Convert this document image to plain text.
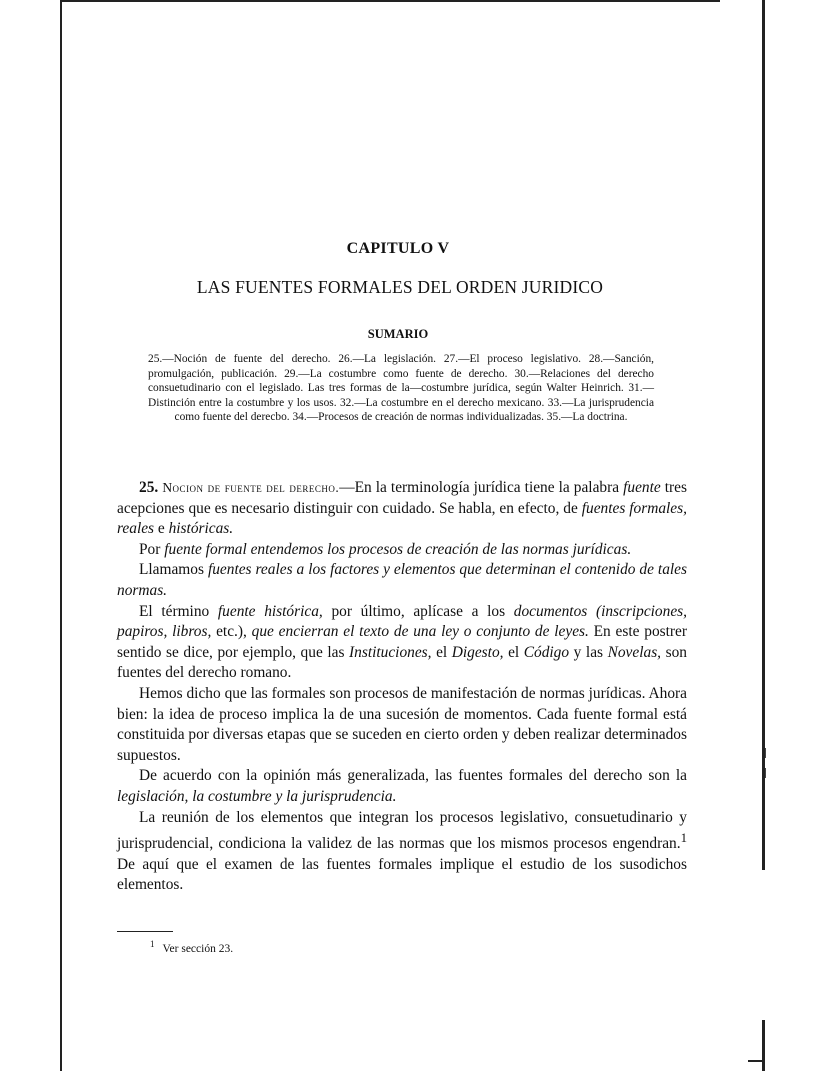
CAPITULO V
LAS FUENTES FORMALES DEL ORDEN JURIDICO
SUMARIO
25.—Noción de fuente del derecho. 26.—La legislación. 27.—El proceso legislativo. 28.—Sanción, promulgación, publicación. 29.—La costumbre como fuente de derecho. 30.—Relaciones del derecho consuetudinario con el legislado. Las tres formas de la—costumbre jurídica, según Walter Heinrich. 31.—Distinción entre la costumbre y los usos. 32.—La costumbre en el derecho mexicano. 33.—La jurisprudencia como fuente del derecbo. 34.—Procesos de creación de normas individualizadas. 35.—La doctrina.

25. Nocion de fuente del derecho.—En la terminología jurídica tiene la palabra fuente tres acepciones que es necesario distinguir con cuidado. Se habla, en efecto, de fuentes formales, reales e históricas.

Por fuente formal entendemos los procesos de creación de las normas jurídicas.

Llamamos fuentes reales a los factores y elementos que determinan el contenido de tales normas.

El término fuente histórica, por último, aplícase a los documentos (inscripciones, papiros, libros, etc.), que encierran el texto de una ley o conjunto de leyes. En este postrer sentido se dice, por ejemplo, que las Instituciones, el Digesto, el Código y las Novelas, son fuentes del derecho romano.

Hemos dicho que las formales son procesos de manifestación de normas jurídicas. Ahora bien: la idea de proceso implica la de una sucesión de momentos. Cada fuente formal está constituida por diversas etapas que se suceden en cierto orden y deben realizar determinados supuestos.

De acuerdo con la opinión más generalizada, las fuentes formales del derecho son la legislación, la costumbre y la jurisprudencia.

La reunión de los elementos que integran los procesos legislativo, consuetudinario y jurisprudencial, condiciona la validez de las normas que los mismos procesos engendran.$^1$ De aquí que el examen de las fuentes formales implique el estudio de los susodichos elementos.

$^1$ Ver sección 23.
